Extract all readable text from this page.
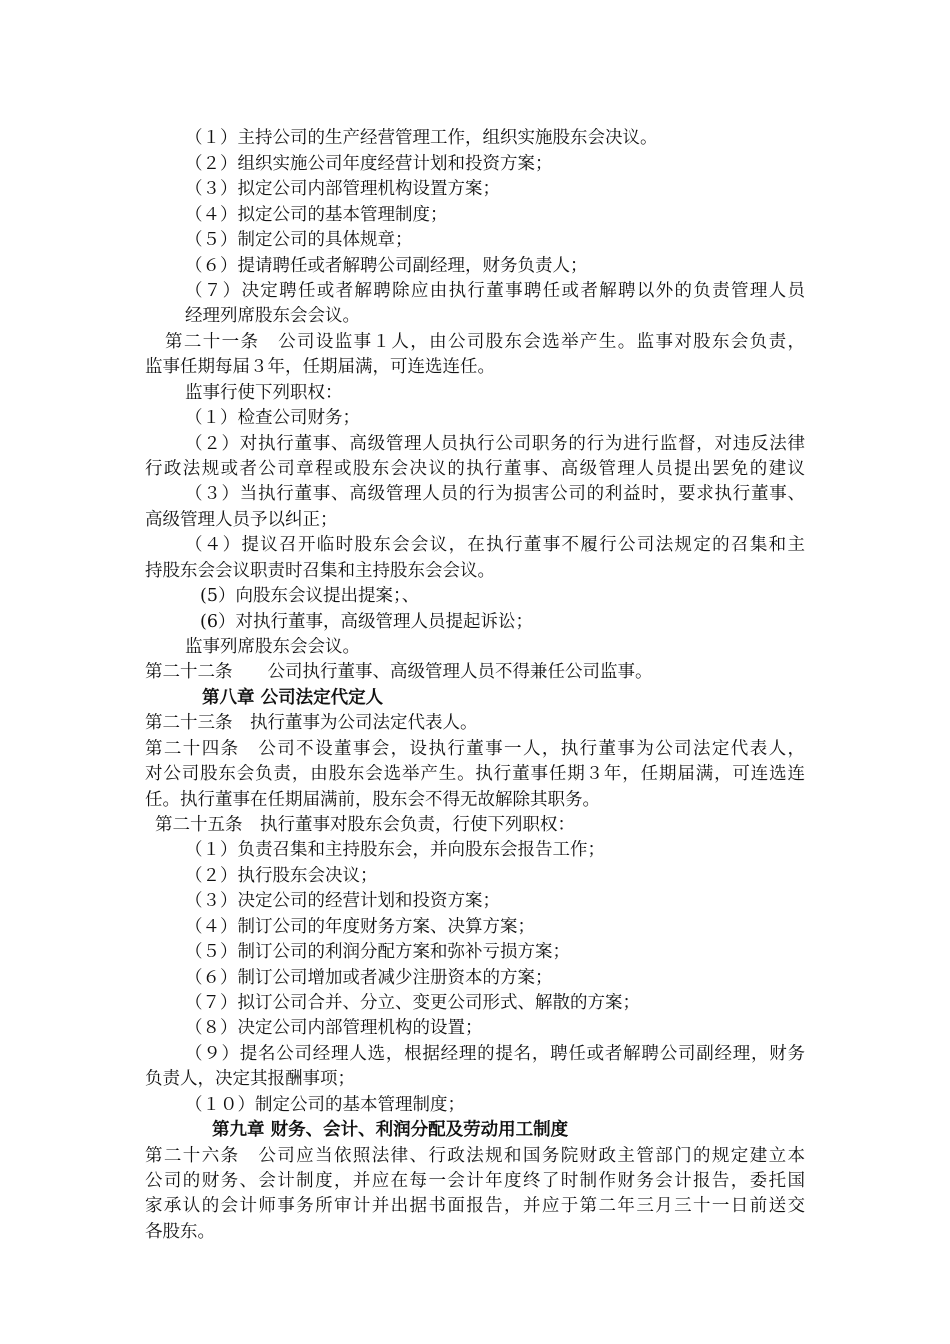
（１）主持公司的生产经营管理工作，组织实施股东会决议。
（２）组织实施公司年度经营计划和投资方案；
（３）拟定公司内部管理机构设置方案；
（４）拟定公司的基本管理制度；
（５）制定公司的具体规章；
（６）提请聘任或者解聘公司副经理，财务负责人；
（７）决定聘任或者解聘除应由执行董事聘任或者解聘以外的负责管理人员
经理列席股东会会议。
第二十一条　公司设监事１人，由公司股东会选举产生。监事对股东会负责，
监事任期每届３年，任期届满，可连选连任。
监事行使下列职权：
（１）检查公司财务；
（２）对执行董事、高级管理人员执行公司职务的行为进行监督，对违反法律
行政法规或者公司章程或股东会决议的执行董事、高级管理人员提出罢免的建议
（３）当执行董事、高级管理人员的行为损害公司的利益时，要求执行董事、
高级管理人员予以纠正；
（４）提议召开临时股东会会议，在执行董事不履行公司法规定的召集和主
持股东会会议职责时召集和主持股东会会议。
(5）向股东会议提出提案；、
(6）对执行董事，高级管理人员提起诉讼；
监事列席股东会会议。
第二十二条　　公司执行董事、高级管理人员不得兼任公司监事。
第八章 公司法定代定人
第二十三条　执行董事为公司法定代表人。
第二十四条　公司不设董事会，设执行董事一人，执行董事为公司法定代表人，
对公司股东会负责，由股东会选举产生。执行董事任期３年，任期届满，可连选连
任。执行董事在任期届满前，股东会不得无故解除其职务。
第二十五条　执行董事对股东会负责，行使下列职权：
（１）负责召集和主持股东会，并向股东会报告工作；
（２）执行股东会决议；
（３）决定公司的经营计划和投资方案；
（４）制订公司的年度财务方案、决算方案；
（５）制订公司的利润分配方案和弥补亏损方案；
（６）制订公司增加或者减少注册资本的方案；
（７）拟订公司合并、分立、变更公司形式、解散的方案；
（８）决定公司内部管理机构的设置；
（９）提名公司经理人选，根据经理的提名，聘任或者解聘公司副经理，财务
负责人，决定其报酬事项；
（１０）制定公司的基本管理制度；
第九章 财务、会计、利润分配及劳动用工制度
第二十六条　公司应当依照法律、行政法规和国务院财政主管部门的规定建立本
公司的财务、会计制度，并应在每一会计年度终了时制作财务会计报告，委托国
家承认的会计师事务所审计并出据书面报告，并应于第二年三月三十一日前送交
各股东。
